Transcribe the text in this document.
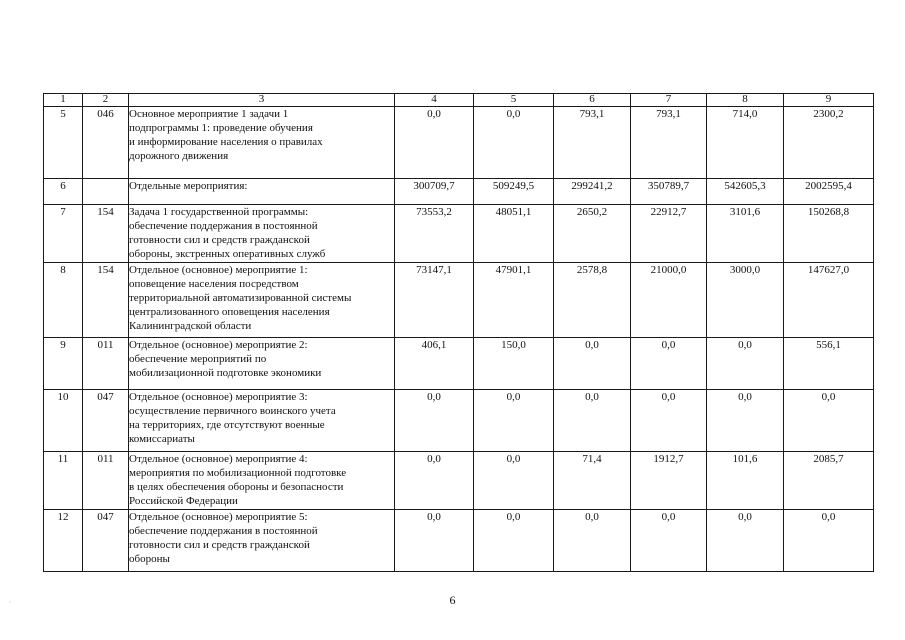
1	2	3	4	5	6	7	8	9
5	046	Основное мероприятие 1 задачи 1
подпрограммы 1: проведение обучения
и информирование населения о правилах
дорожного движения	0,0	0,0	793,1	793,1	714,0	2300,2
6		Отдельные мероприятия:	300709,7	509249,5	299241,2	350789,7	542605,3	2002595,4
7	154	Задача 1 государственной программы:
обеспечение поддержания в постоянной
готовности сил и средств гражданской
обороны, экстренных оперативных служб	73553,2	48051,1	2650,2	22912,7	3101,6	150268,8
8	154	Отдельное (основное) мероприятие 1:
оповещение населения посредством
территориальной автоматизированной системы
централизованного оповещения населения
Калининградской области	73147,1	47901,1	2578,8	21000,0	3000,0	147627,0
9	011	Отдельное (основное) мероприятие 2:
обеспечение мероприятий по
мобилизационной подготовке экономики	406,1	150,0	0,0	0,0	0,0	556,1
10	047	Отдельное (основное) мероприятие 3:
осуществление первичного воинского учета
на территориях, где отсутствуют военные
комиссариаты	0,0	0,0	0,0	0,0	0,0	0,0
11	011	Отдельное (основное) мероприятие 4:
мероприятия по мобилизационной подготовке
в целях обеспечения обороны и безопасности
Российской Федерации	0,0	0,0	71,4	1912,7	101,6	2085,7
12	047	Отдельное (основное) мероприятие 5:
обеспечение поддержания в постоянной
готовности сил и средств гражданской
обороны	0,0	0,0	0,0	0,0	0,0	0,0
6
·
